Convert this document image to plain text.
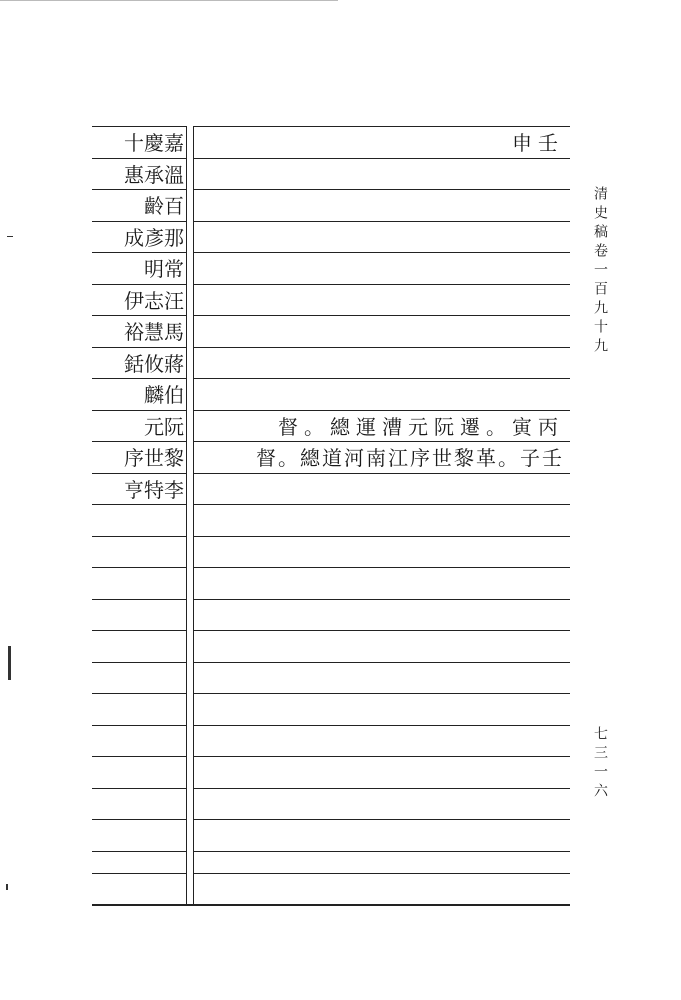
十慶嘉
惠承溫
齡百
成彥那
明常
伊志汪
裕慧馬
銛攸蔣
麟伯
元阮
序世黎
亨特李
申壬
督。總運漕元阮遷。寅丙
督。總道河南江序世黎革。子壬
清史稿卷一百九十九
七三一六
